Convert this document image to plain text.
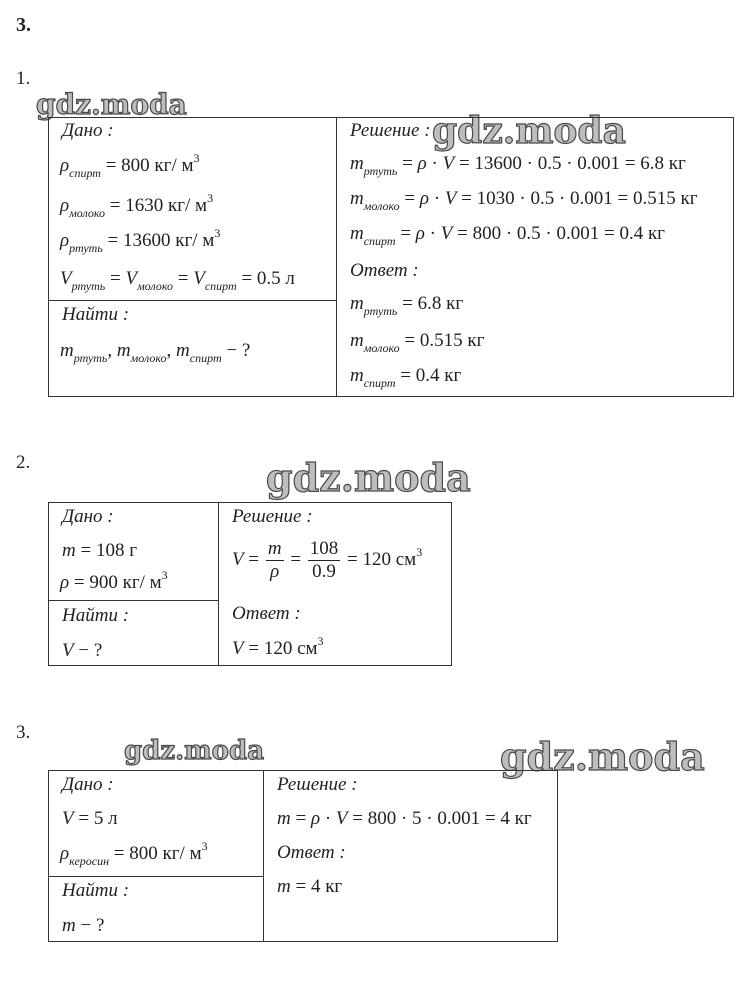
3.
1.
gdz.moda
gdz.moda
Дано :
$\rho_{спирт} = 800$ кг/ $м^3$
$\rho_{молоко} = 1630$ кг/ $м^3$
$\rho_{ртуть} = 13600$ кг/ $м^3$
$V_{ртуть} = V_{молоко} = V_{спирт} = 0.5$ л
Найти :
$m_{ртуть}$, $m_{молоко}$, $m_{спирт}$ − ?
Решение :
$m_{ртуть} = \rho \cdot V = 13600 \cdot 0.5 \cdot 0.001 = 6.8$ кг
$m_{молоко} = \rho \cdot V = 1030 \cdot 0.5 \cdot 0.001 = 0.515$ кг
$m_{спирт} = \rho \cdot V = 800 \cdot 0.5 \cdot 0.001 = 0.4$ кг
Ответ :
$m_{ртуть} = 6.8$ кг
$m_{молоко} = 0.515$ кг
$m_{спирт} = 0.4$ кг
2.	gdz.moda
Дано :
m = 108 г
ρ = 900 кг/ $м^3$
Найти :
V − ?
Решение :
$V = \frac{m}{\rho} = \frac{108}{0.9} = 120$ $см^3$
Ответ :
V = 120 $см^3$
3.
gdz.moda	gdz.moda
Дано :
V = 5 л
$\rho_{керосин} = 800$ кг/ $м^3$
Найти :
m − ?
Решение :
m = ρ · V = 800 · 5 · 0.001 = 4 кг
Ответ :
m = 4 кг
